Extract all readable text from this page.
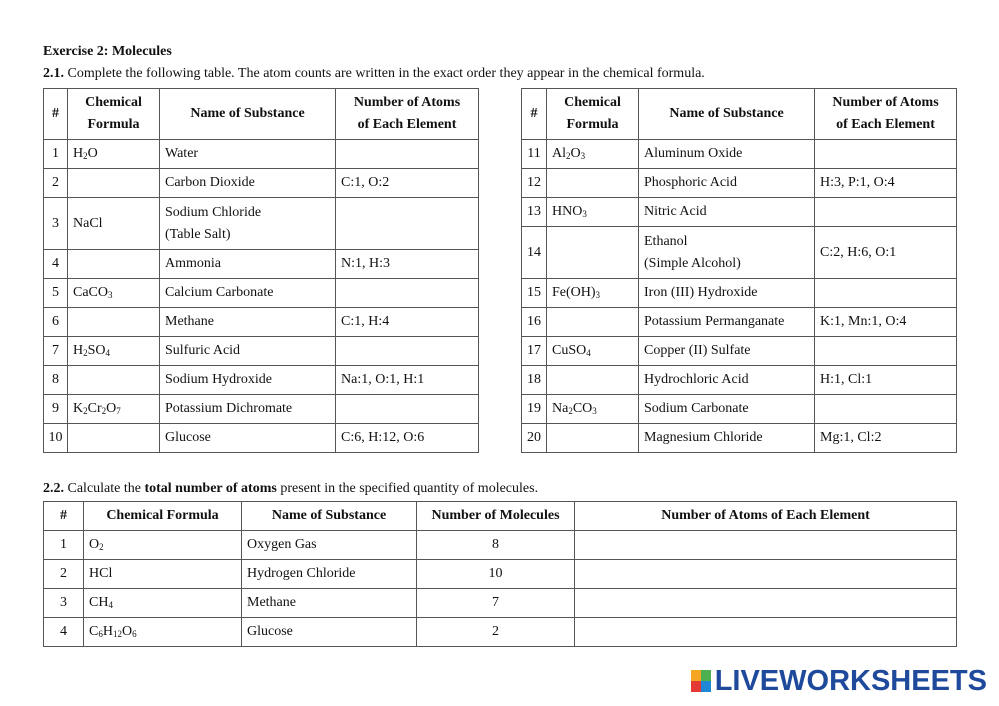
Exercise 2: Molecules
2.1. Complete the following table. The atom counts are written in the exact order they appear in the chemical formula.
#	Chemical
Formula	Name of Substance	Number of Atoms
of Each Element
1	$H_2O$	Water	
2		Carbon Dioxide	C:1, O:2
3	NaCl	Sodium Chloride
(Table Salt)	
4		Ammonia	N:1, H:3
5	CaCO$_3$	Calcium Carbonate	
6		Methane	C:1, H:4
7	$H_2SO_4$	Sulfuric Acid	
8		Sodium Hydroxide	Na:1, O:1, H:1
9	$K_2Cr_2O_7$	Potassium Dichromate	
10		Glucose	C:6, H:12, O:6
#	Chemical
Formula	Name of Substance	Number of Atoms
of Each Element
11	$Al_2O_3$	Aluminum Oxide	
12		Phosphoric Acid	H:3, P:1, O:4
13	$HNO_3$	Nitric Acid	
14		Ethanol
(Simple Alcohol)	C:2, H:6, O:1
15	$Fe(OH)_3$	Iron (III) Hydroxide	
16		Potassium Permanganate	K:1, Mn:1, O:4
17	CuSO$_4$	Copper (II) Sulfate	
18		Hydrochloric Acid	H:1, Cl:1
19	$Na_2CO_3$	Sodium Carbonate	
20		Magnesium Chloride	Mg:1, Cl:2
2.2. Calculate the total number of atoms present in the specified quantity of molecules.
#	Chemical Formula	Name of Substance	Number of Molecules	Number of Atoms of Each Element
1	$O_2$	Oxygen Gas	8	
2	HCl	Hydrogen Chloride	10	
3	$CH_4$	Methane	7	
4	$C_6H_{12}O_6$	Glucose	2	
LIVEWORKSHEETS
